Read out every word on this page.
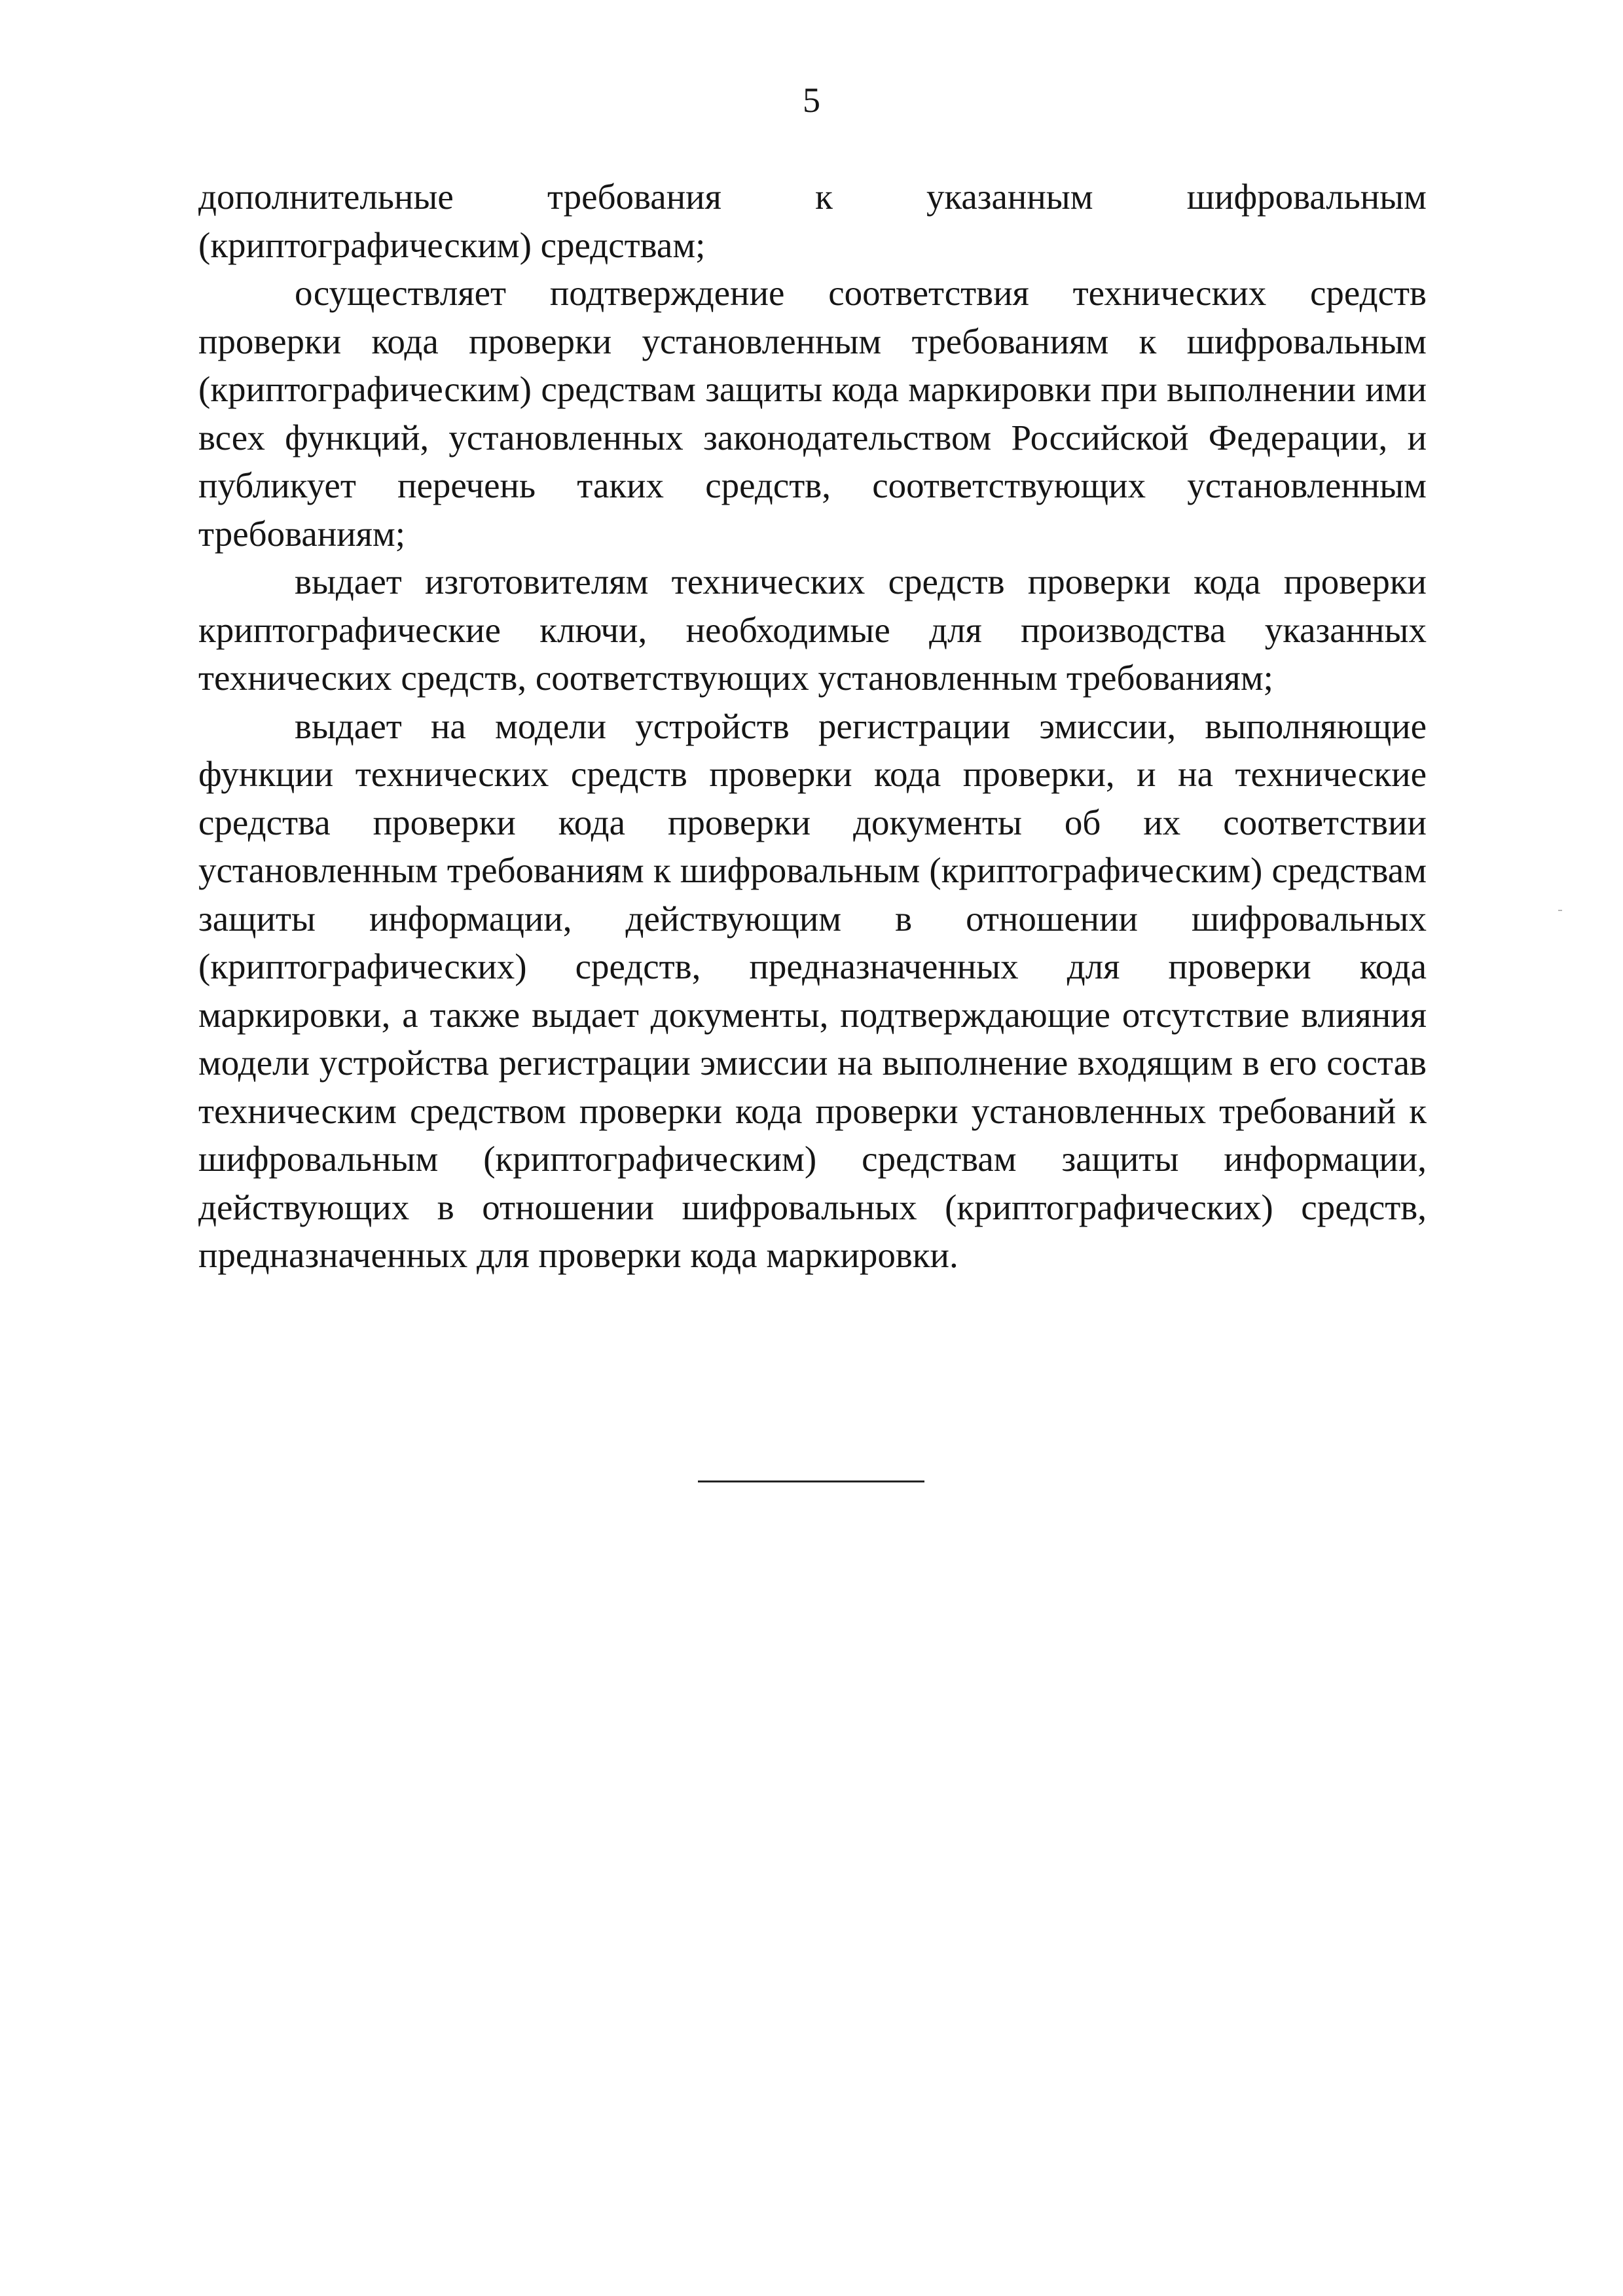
5

дополнительные требования к указанным шифровальным (криптографическим) средствам;

осуществляет подтверждение соответствия технических средств проверки кода проверки установленным требованиям к шифровальным (криптографическим) средствам защиты кода маркировки при выполнении ими всех функций, установленных законодательством Российской Федерации, и публикует перечень таких средств, соответствующих установленным требованиям;

выдает изготовителям технических средств проверки кода проверки криптографические ключи, необходимые для производства указанных технических средств, соответствующих установленным требованиям;

выдает на модели устройств регистрации эмиссии, выполняющие функции технических средств проверки кода проверки, и на технические средства проверки кода проверки документы об их соответствии установленным требованиям к шифровальным (криптографическим) средствам защиты информации, действующим в отношении шифровальных (криптографических) средств, предназначенных для проверки кода маркировки, а также выдает документы, подтверждающие отсутствие влияния модели устройства регистрации эмиссии на выполнение входящим в его состав техническим средством проверки кода проверки установленных требований к шифровальным (криптографическим) средствам защиты информации, действующих в отношении шифровальных (криптографических) средств, предназначенных для проверки кода маркировки.
